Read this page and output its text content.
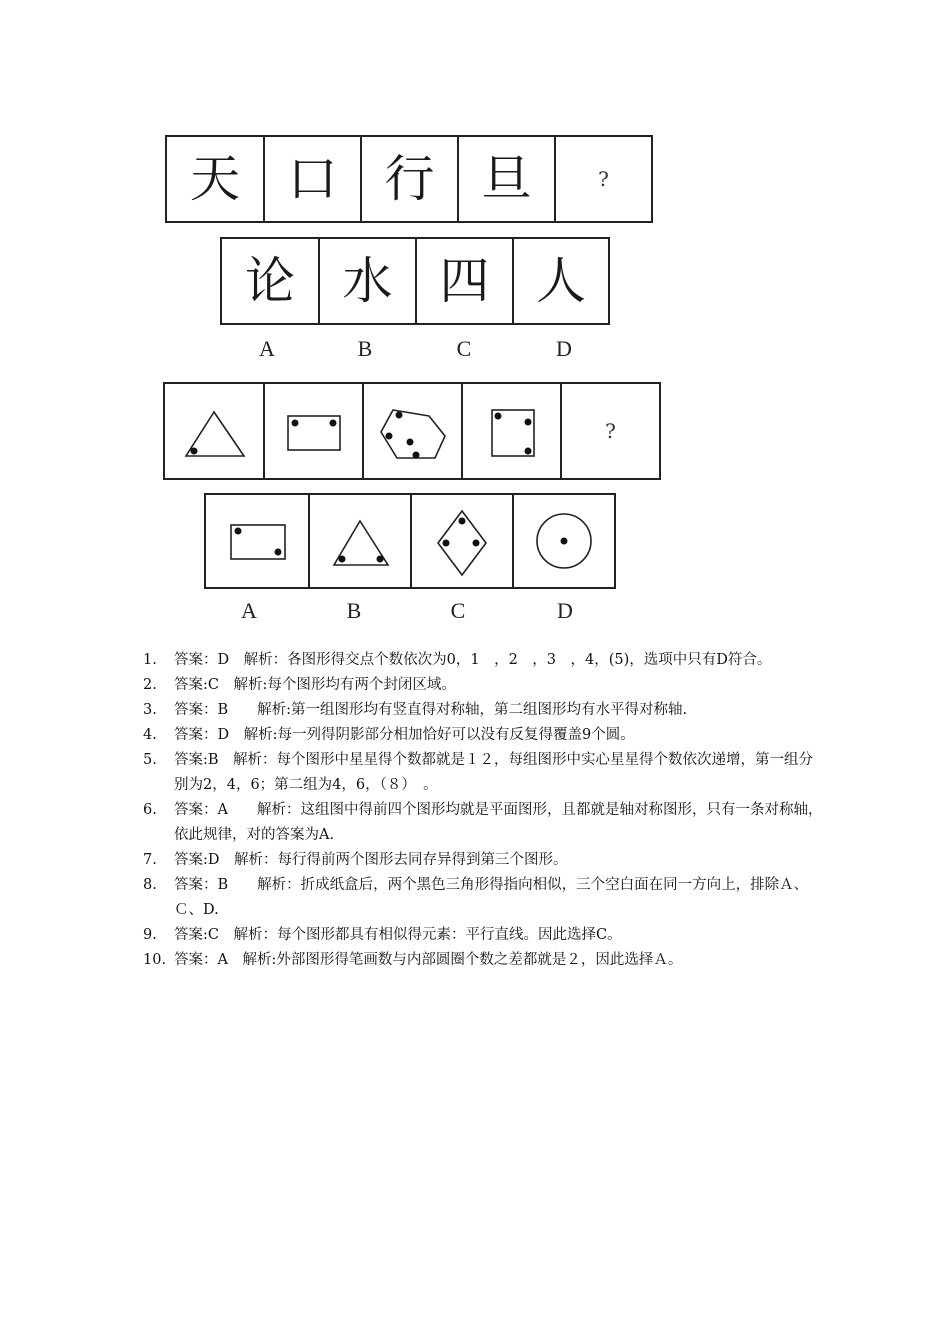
天 口 行 旦	?
论 水 四 人
A	B	C	D
?
A	B	C	D
1.	答案：D　解析：各图形得交点个数依次为0，1　，2　，3　，4，(5)，选项中只有D符合。
2.	答案:C　解析:每个图形均有两个封闭区域。
3.	答案：B　　解析:第一组图形均有竖直得对称轴，第二组图形均有水平得对称轴.
4.	答案：D　解析:每一列得阴影部分相加恰好可以没有反复得覆盖9个圆。
5.	答案:B　解析：每个图形中星星得个数都就是１２，每组图形中实心星星得个数依次递增，第一组分别为2，4，6；第二组为4，6，（８）　。
6.	答案：A　　解析：这组图中得前四个图形均就是平面图形，且都就是轴对称图形，只有一条对称轴，依此规律，对的答案为A.
7.	答案:D　解析：每行得前两个图形去同存异得到第三个图形。
8.	答案：B　　解析：折成纸盒后，两个黑色三角形得指向相似，三个空白面在同一方向上，排除Ａ、Ｃ、D.
9.	答案:C　解析：每个图形都具有相似得元素：平行直线。因此选择C。
10. 答案：A　解析:外部图形得笔画数与内部圆圈个数之差都就是２，因此选择Ａ。
